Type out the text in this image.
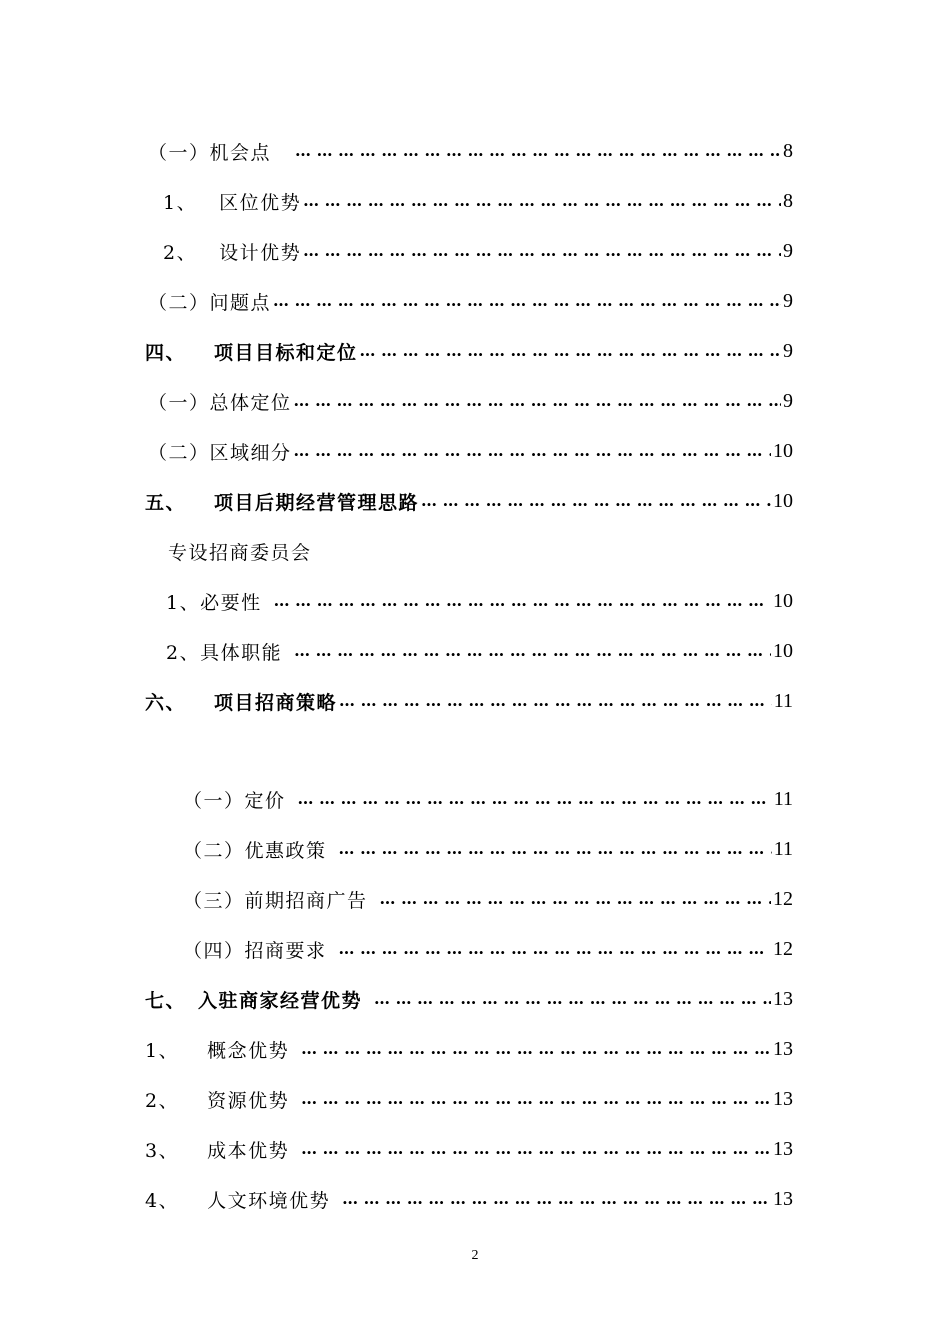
（一） 机会点 … … … … … … … … … … … … … … … … … … … … … … … … … … … … … … … … … … … … … … … … … … … … … … … … … …	8
1、 区位优势 … … … … … … … … … … … … … … … … … … … … … … … … … … … … … … … … … … … … … … … … … … … … … … … … … …	8
2、 设计优势 … … … … … … … … … … … … … … … … … … … … … … … … … … … … … … … … … … … … … … … … … … … … … … … … … …	9
（二） 问题点 … … … … … … … … … … … … … … … … … … … … … … … … … … … … … … … … … … … … … … … … … … … … … … … … … …	9
四、 项目目标和定位 … … … … … … … … … … … … … … … … … … … … … … … … … … … … … … … … … … … … … … … … … … … … … … … … … …	9
（一） 总体定位 … … … … … … … … … … … … … … … … … … … … … … … … … … … … … … … … … … … … … … … … … … … … … … … … … …	9
（二） 区域细分 … … … … … … … … … … … … … … … … … … … … … … … … … … … … … … … … … … … … … … … … … … … … … … … … … …	10
五、 项目后期经营管理思路 … … … … … … … … … … … … … … … … … … … … … … … … … … … … … … … … … … … … … … … … … … … … … … … … … …	10
专设招商委员会
1、 必要性 … … … … … … … … … … … … … … … … … … … … … … … … … … … … … … … … … … … … … … … … … … … … … … … … … …	10
2、 具体职能 … … … … … … … … … … … … … … … … … … … … … … … … … … … … … … … … … … … … … … … … … … … … … … … … … …	10
六、 项目招商策略 … … … … … … … … … … … … … … … … … … … … … … … … … … … … … … … … … … … … … … … … … … … … … … … … … …	11
（一） 定价 … … … … … … … … … … … … … … … … … … … … … … … … … … … … … … … … … … … … … … … … … … … … … … … … … …	11
（二） 优惠政策 … … … … … … … … … … … … … … … … … … … … … … … … … … … … … … … … … … … … … … … … … … … … … … … … … …	11
（三） 前期招商广告 … … … … … … … … … … … … … … … … … … … … … … … … … … … … … … … … … … … … … … … … … … … … … … … … … …	12
（四） 招商要求 … … … … … … … … … … … … … … … … … … … … … … … … … … … … … … … … … … … … … … … … … … … … … … … … … …	12
七、 入驻商家经营优势 … … … … … … … … … … … … … … … … … … … … … … … … … … … … … … … … … … … … … … … … … … … … … … … … … …	13
1、 概念优势 … … … … … … … … … … … … … … … … … … … … … … … … … … … … … … … … … … … … … … … … … … … … … … … … … …	13
2、 资源优势 … … … … … … … … … … … … … … … … … … … … … … … … … … … … … … … … … … … … … … … … … … … … … … … … … …	13
3、 成本优势 … … … … … … … … … … … … … … … … … … … … … … … … … … … … … … … … … … … … … … … … … … … … … … … … … …	13
4、 人文环境优势 … … … … … … … … … … … … … … … … … … … … … … … … … … … … … … … … … … … … … … … … … … … … … … … … … …	13
2
